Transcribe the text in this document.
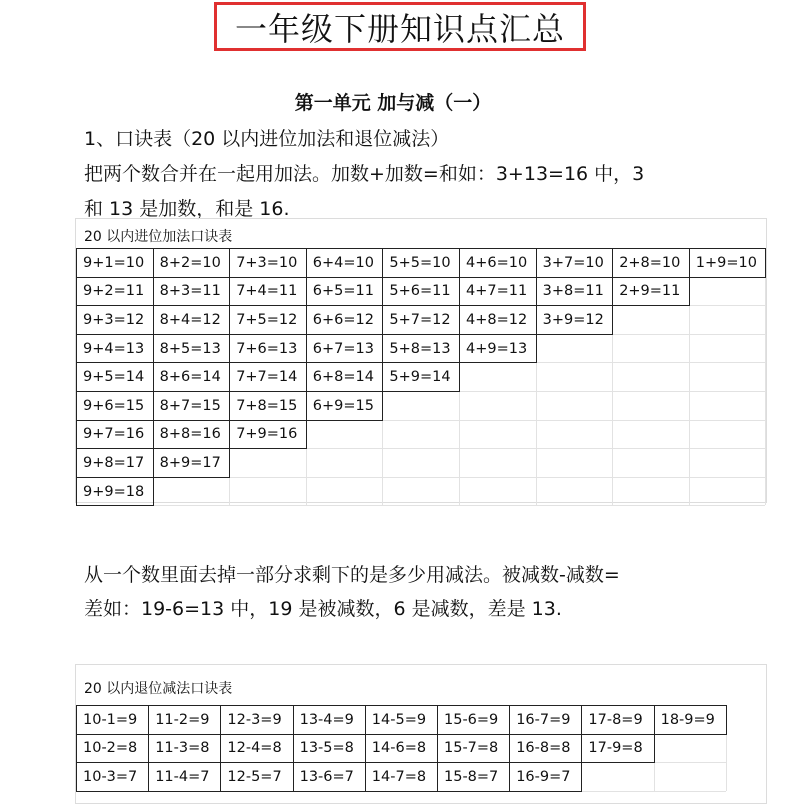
一年级下册知识点汇总
第一单元 加与减（一）
1、口诀表（20 以内进位加法和退位减法）
把两个数合并在一起用加法。加数+加数=和如：3+13=16 中，3
和 13 是加数，和是 16.
20 以内进位加法口诀表
从一个数里面去掉一部分求剩下的是多少用减法。被减数-减数=
差如：19-6=13 中，19 是被减数，6 是减数，差是 13.
20 以内退位减法口诀表
9+1=10
9+2=11
9+3=12
9+4=13
9+5=14
9+6=15
9+7=16
9+8=17
9+9=18
8+2=10
8+3=11
8+4=12
8+5=13
8+6=14
8+7=15
8+8=16
8+9=17
7+3=10
7+4=11
7+5=12
7+6=13
7+7=14
7+8=15
7+9=16
6+4=10
6+5=11
6+6=12
6+7=13
6+8=14
6+9=15
5+5=10
5+6=11
5+7=12
5+8=13
5+9=14
4+6=10
4+7=11
4+8=12
4+9=13
3+7=10
3+8=11
3+9=12
2+8=10
2+9=11
1+9=10
10-1=9
10-2=8
10-3=7
11-2=9
11-3=8
11-4=7
12-3=9
12-4=8
12-5=7
13-4=9
13-5=8
13-6=7
14-5=9
14-6=8
14-7=8
15-6=9
15-7=8
15-8=7
16-7=9
16-8=8
16-9=7
17-8=9
17-9=8
18-9=9
